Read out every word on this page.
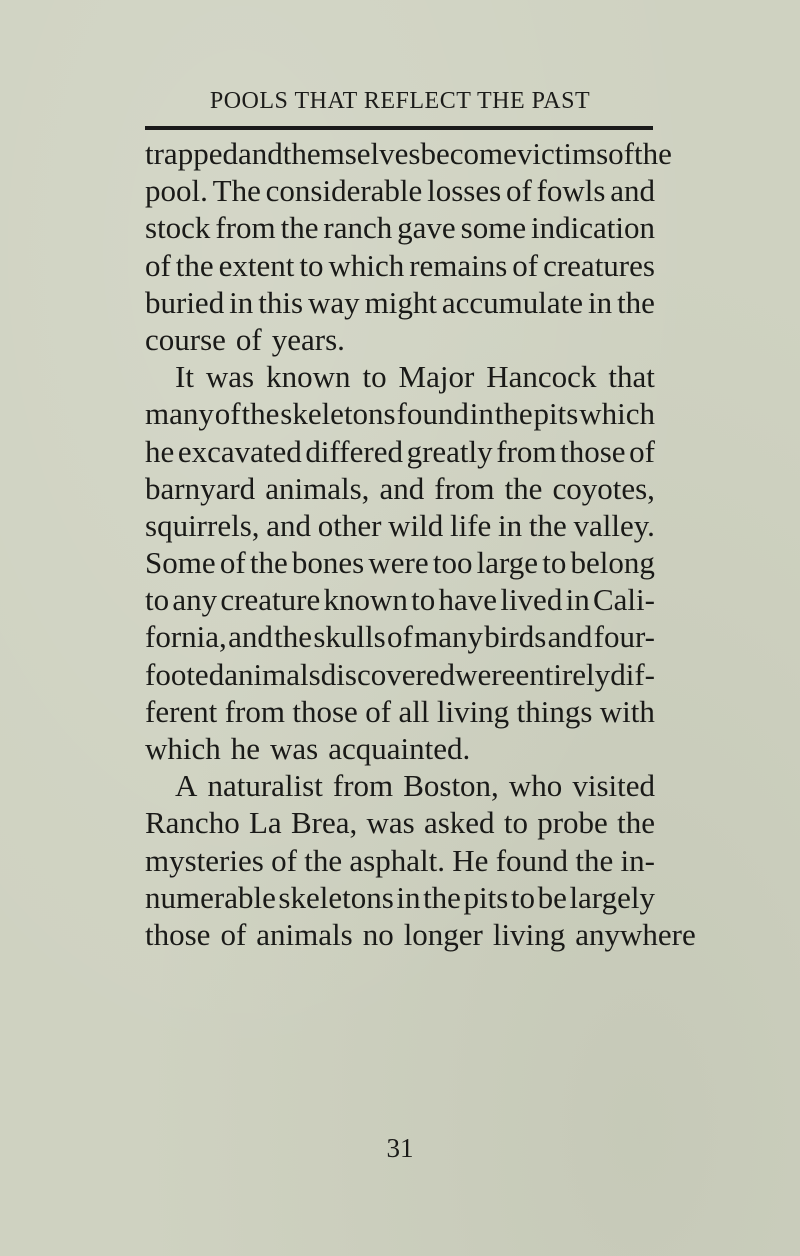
POOLS THAT REFLECT THE PAST
trapped and themselves become victims of the
pool. The considerable losses of fowls and
stock from the ranch gave some indication
of the extent to which remains of creatures
buried in this way might accumulate in the
course of years.
It was known to Major Hancock that
many of the skeletons found in the pits which
he excavated differed greatly from those of
barnyard animals, and from the coyotes,
squirrels, and other wild life in the valley.
Some of the bones were too large to belong
to any creature known to have lived in Cali-
fornia, and the skulls of many birds and four-
footed animals discovered were entirely dif-
ferent from those of all living things with
which he was acquainted.
A naturalist from Boston, who visited
Rancho La Brea, was asked to probe the
mysteries of the asphalt. He found the in-
numerable skeletons in the pits to be largely
those of animals no longer living anywhere
31
